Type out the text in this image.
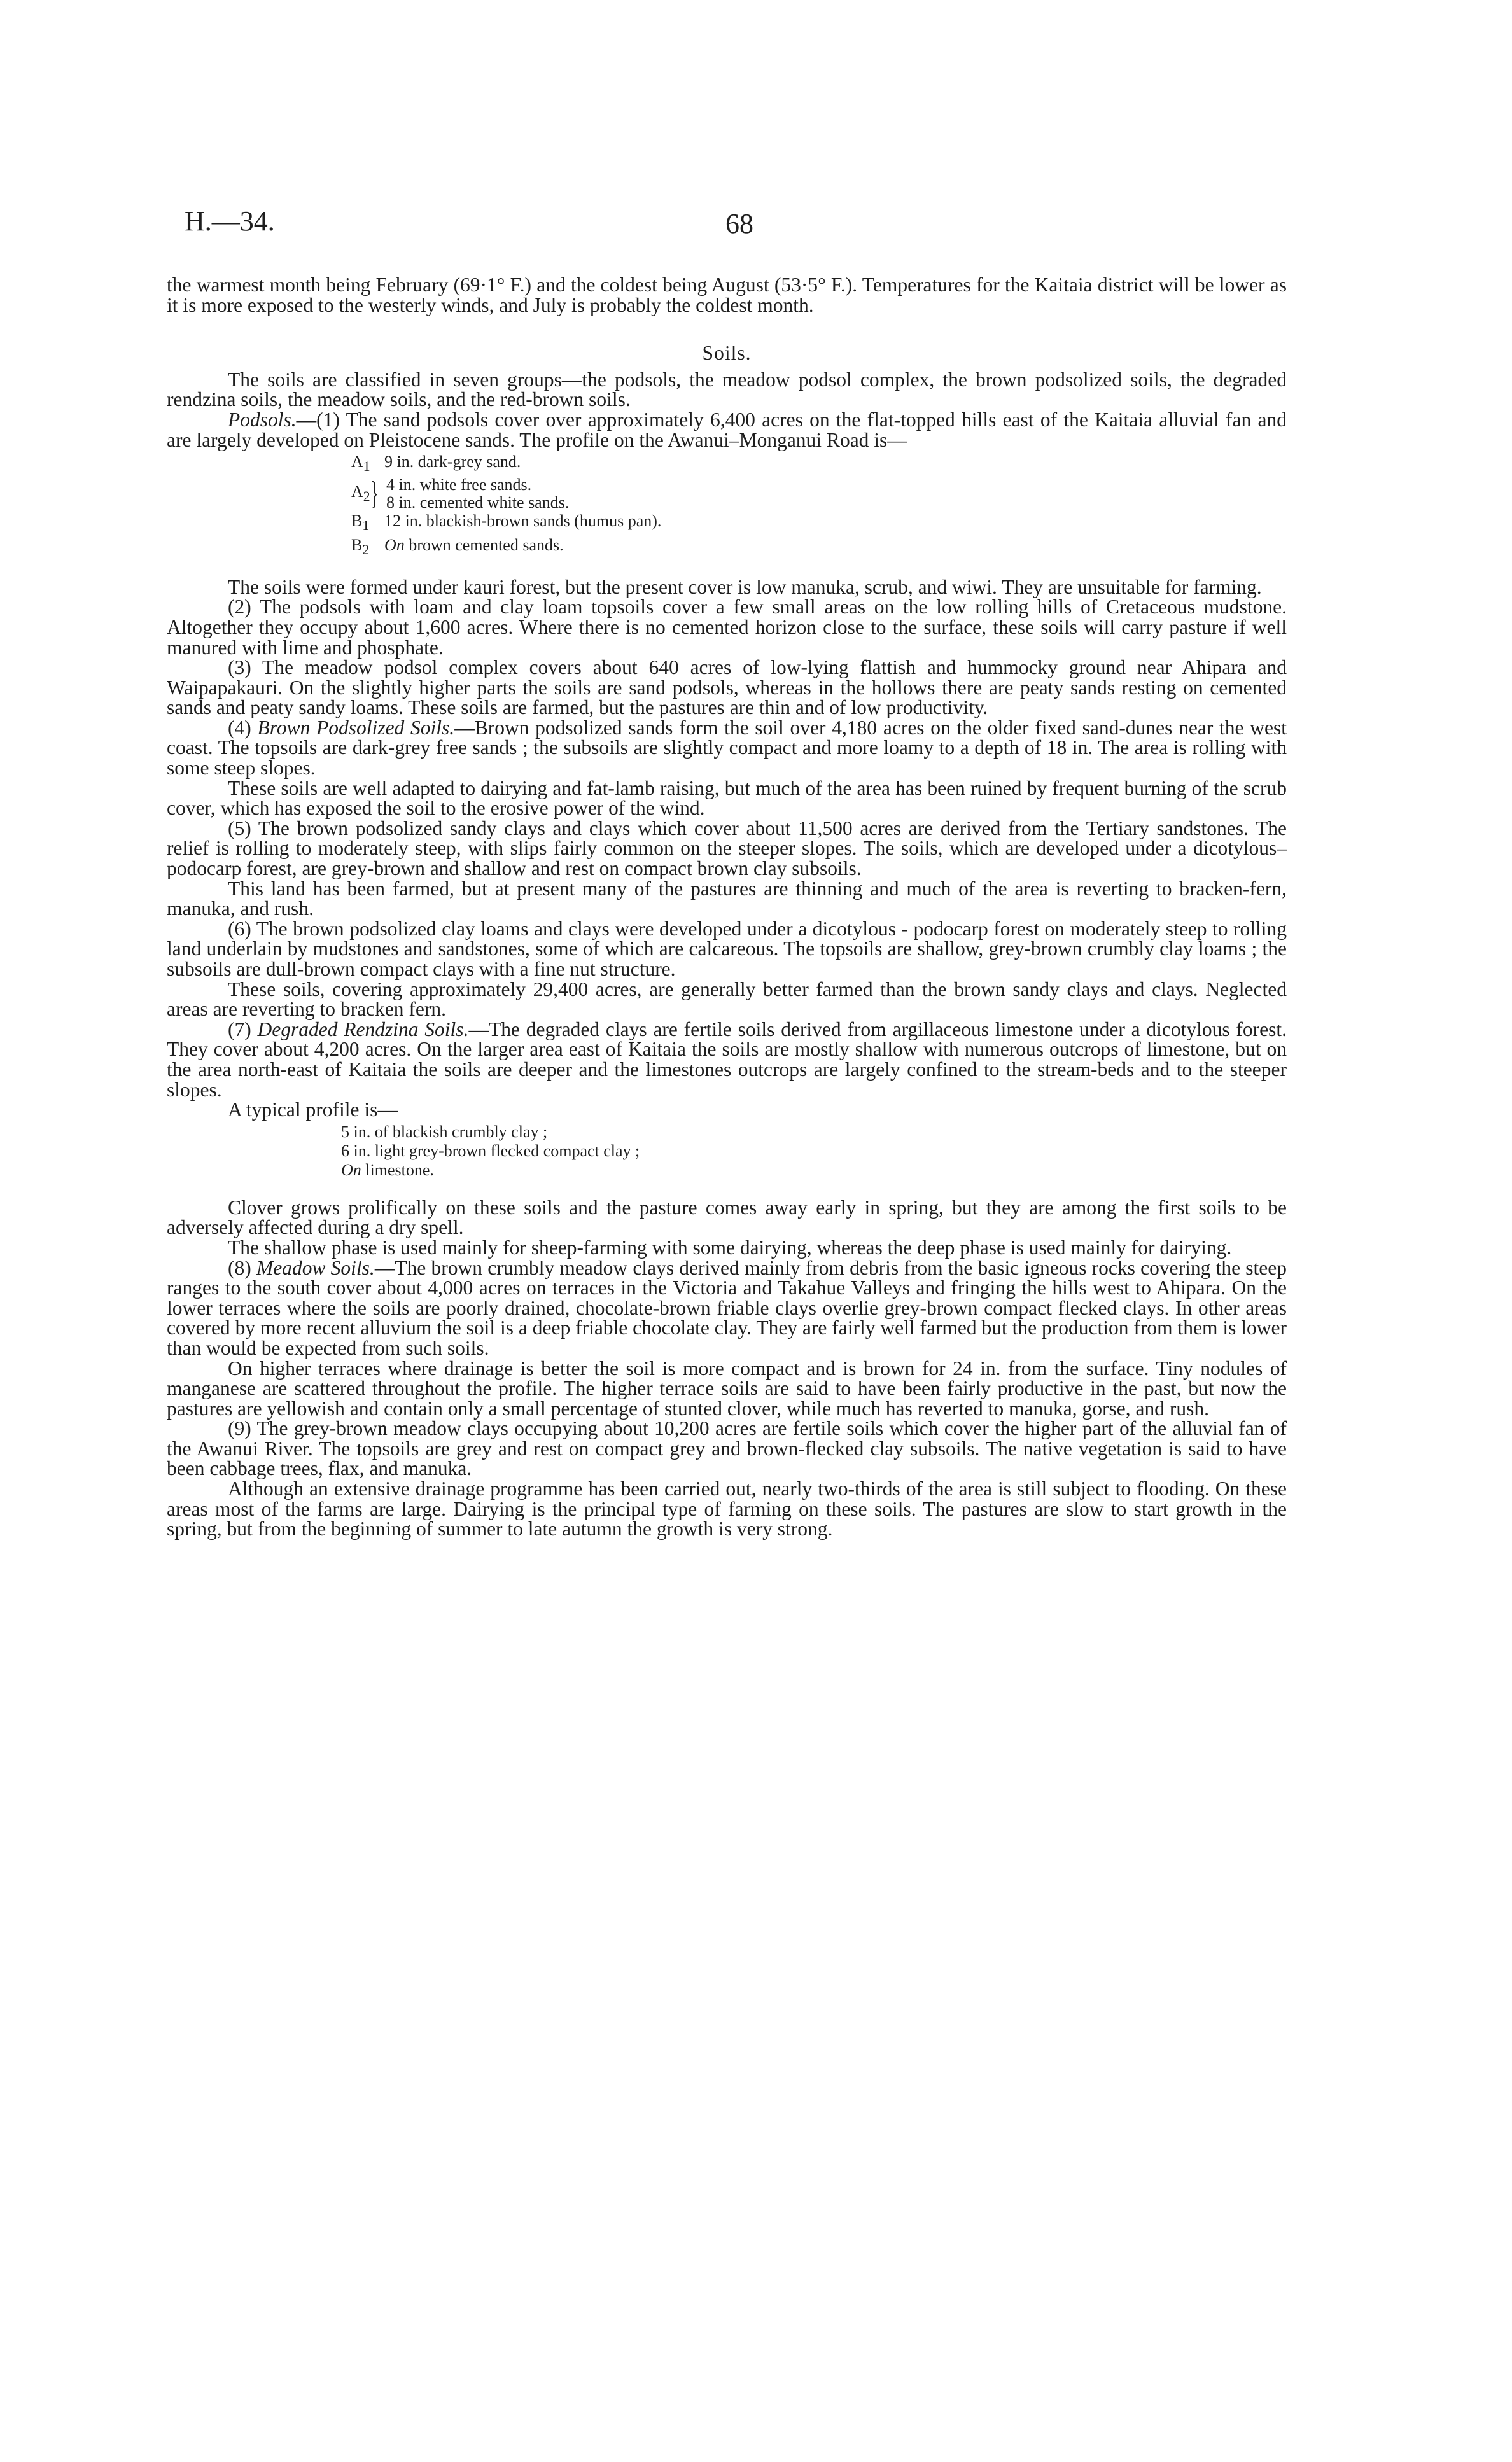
H.—34.	68

the warmest month being February (69·1° F.) and the coldest being August (53·5° F.). Temperatures for the Kaitaia district will be lower as it is more exposed to the westerly winds, and July is probably the coldest month.

Soils.

The soils are classified in seven groups—the podsols, the meadow podsol complex, the brown podsolized soils, the degraded rendzina soils, the meadow soils, and the red-brown soils.

Podsols.—(1) The sand podsols cover over approximately 6,400 acres on the flat-topped hills east of the Kaitaia alluvial fan and are largely developed on Pleistocene sands. The profile on the Awanui–Monganui Road is—

$A_1$ 9 in. dark-grey sand.
$A_2$ } 4 in. white free sands.
8 in. cemented white sands.
$B_1$ 12 in. blackish-brown sands (humus pan).
$B_2$ On brown cemented sands.

The soils were formed under kauri forest, but the present cover is low manuka, scrub, and wiwi. They are unsuitable for farming.

(2) The podsols with loam and clay loam topsoils cover a few small areas on the low rolling hills of Cretaceous mudstone. Altogether they occupy about 1,600 acres. Where there is no cemented horizon close to the surface, these soils will carry pasture if well manured with lime and phosphate.

(3) The meadow podsol complex covers about 640 acres of low-lying flattish and hummocky ground near Ahipara and Waipapakauri. On the slightly higher parts the soils are sand podsols, whereas in the hollows there are peaty sands resting on cemented sands and peaty sandy loams. These soils are farmed, but the pastures are thin and of low productivity.

(4) Brown Podsolized Soils.—Brown podsolized sands form the soil over 4,180 acres on the older fixed sand-dunes near the west coast. The topsoils are dark-grey free sands ; the subsoils are slightly compact and more loamy to a depth of 18 in. The area is rolling with some steep slopes.

These soils are well adapted to dairying and fat-lamb raising, but much of the area has been ruined by frequent burning of the scrub cover, which has exposed the soil to the erosive power of the wind.

(5) The brown podsolized sandy clays and clays which cover about 11,500 acres are derived from the Tertiary sandstones. The relief is rolling to moderately steep, with slips fairly common on the steeper slopes. The soils, which are developed under a dicotylous–podocarp forest, are grey-brown and shallow and rest on compact brown clay subsoils.

This land has been farmed, but at present many of the pastures are thinning and much of the area is reverting to bracken-fern, manuka, and rush.

(6) The brown podsolized clay loams and clays were developed under a dicotylous - podocarp forest on moderately steep to rolling land underlain by mudstones and sandstones, some of which are calcareous. The topsoils are shallow, grey-brown crumbly clay loams ; the subsoils are dull-brown compact clays with a fine nut structure.

These soils, covering approximately 29,400 acres, are generally better farmed than the brown sandy clays and clays. Neglected areas are reverting to bracken fern.

(7) Degraded Rendzina Soils.—The degraded clays are fertile soils derived from argillaceous limestone under a dicotylous forest. They cover about 4,200 acres. On the larger area east of Kaitaia the soils are mostly shallow with numerous outcrops of limestone, but on the area north-east of Kaitaia the soils are deeper and the limestones outcrops are largely confined to the stream-beds and to the steeper slopes.

A typical profile is—

5 in. of blackish crumbly clay ;
6 in. light grey-brown flecked compact clay ;
On limestone.

Clover grows prolifically on these soils and the pasture comes away early in spring, but they are among the first soils to be adversely affected during a dry spell.

The shallow phase is used mainly for sheep-farming with some dairying, whereas the deep phase is used mainly for dairying.

(8) Meadow Soils.—The brown crumbly meadow clays derived mainly from debris from the basic igneous rocks covering the steep ranges to the south cover about 4,000 acres on terraces in the Victoria and Takahue Valleys and fringing the hills west to Ahipara. On the lower terraces where the soils are poorly drained, chocolate-brown friable clays overlie grey-brown compact flecked clays. In other areas covered by more recent alluvium the soil is a deep friable chocolate clay. They are fairly well farmed but the production from them is lower than would be expected from such soils.

On higher terraces where drainage is better the soil is more compact and is brown for 24 in. from the surface. Tiny nodules of manganese are scattered throughout the profile. The higher terrace soils are said to have been fairly productive in the past, but now the pastures are yellowish and contain only a small percentage of stunted clover, while much has reverted to manuka, gorse, and rush.

(9) The grey-brown meadow clays occupying about 10,200 acres are fertile soils which cover the higher part of the alluvial fan of the Awanui River. The topsoils are grey and rest on compact grey and brown-flecked clay subsoils. The native vegetation is said to have been cabbage trees, flax, and manuka.

Although an extensive drainage programme has been carried out, nearly two-thirds of the area is still subject to flooding. On these areas most of the farms are large. Dairying is the principal type of farming on these soils. The pastures are slow to start growth in the spring, but from the beginning of summer to late autumn the growth is very strong.
